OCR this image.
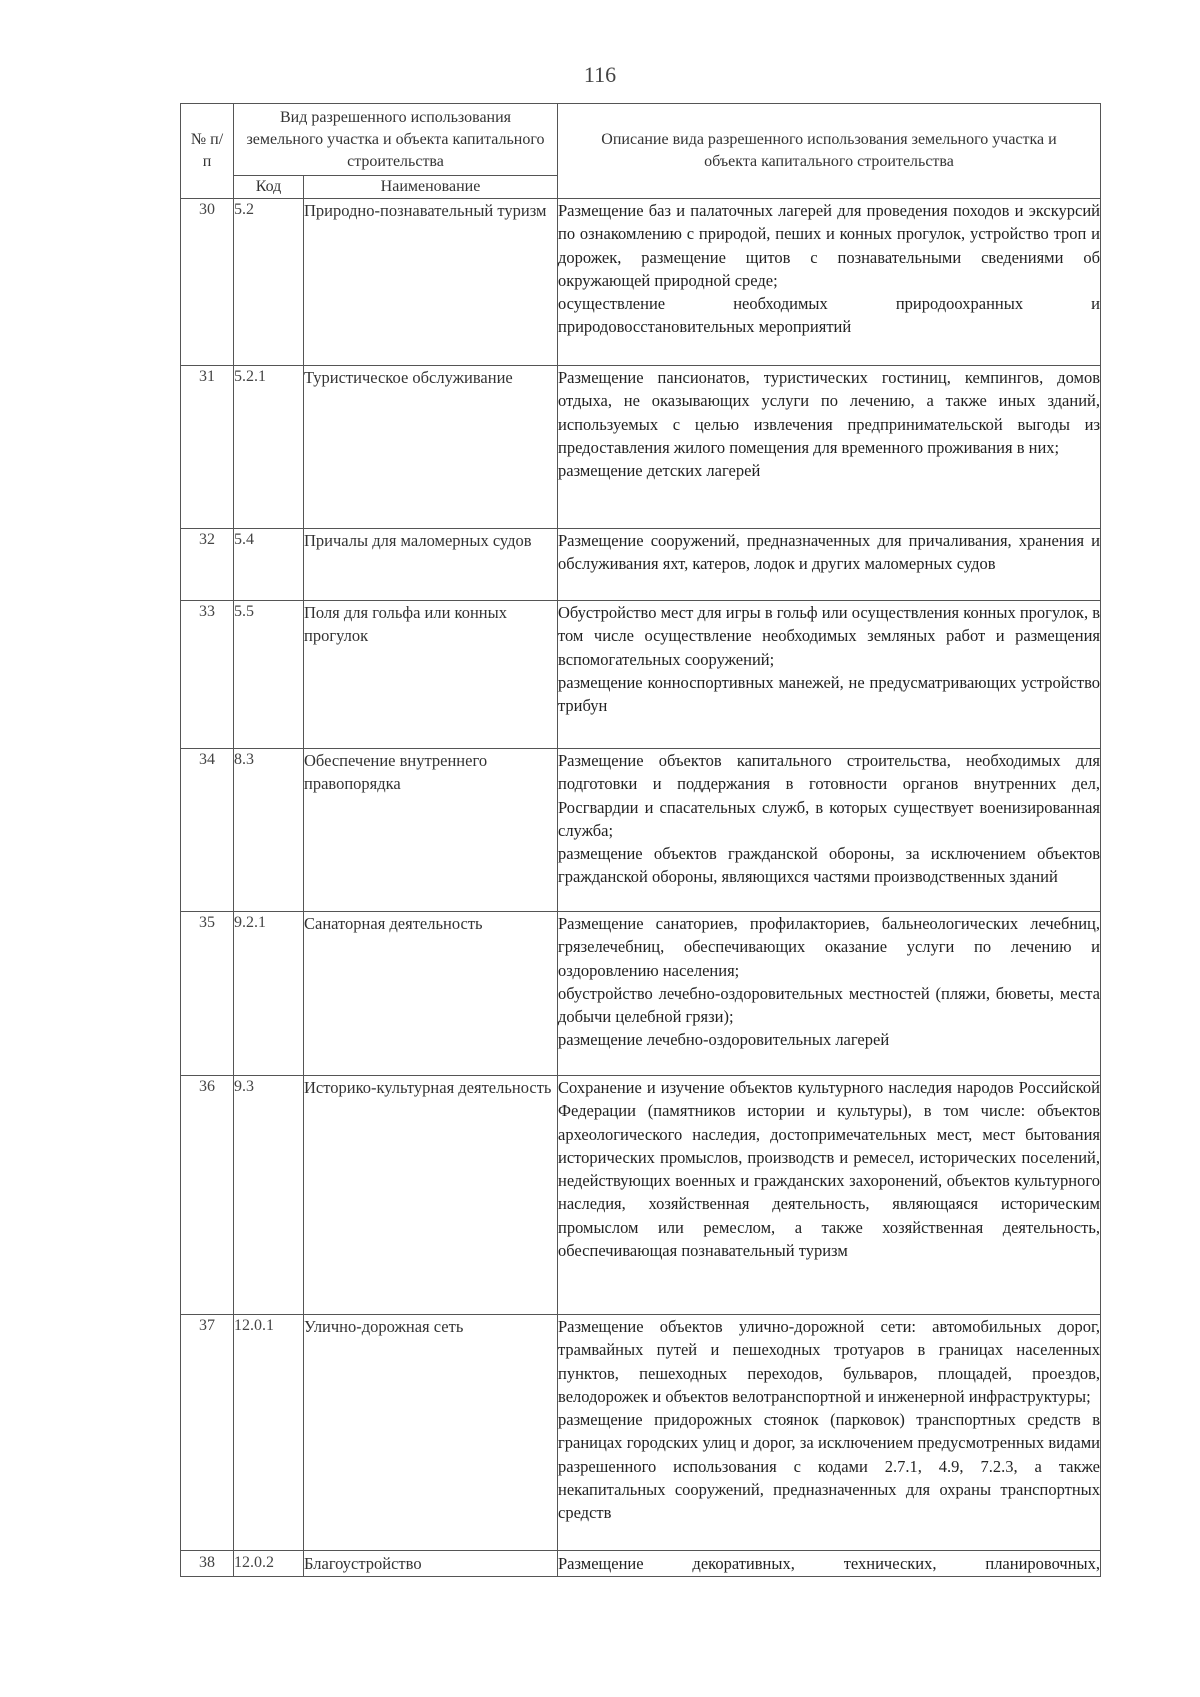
116
№ п/п	Вид разрешенного использования земельного участка и объекта капитального строительства		Описание вида разрешенного использования земельного участка и объекта капитального строительства
	Код	Наименование	
30	5.2	Природно-познавательный туризм	Размещение баз и палаточных лагерей для проведения походов и экскурсий по ознакомлению с природой, пеших и конных прогулок, устройство троп и дорожек, размещение щитов с познавательными сведениями об окружающей природной среде;
осуществление необходимых природоохранных и природовосстановительных мероприятий

31	5.2.1	Туристическое обслуживание	Размещение пансионатов, туристических гостиниц, кемпингов, домов отдыха, не оказывающих услуги по лечению, а также иных зданий, используемых с целью извлечения предпринимательской выгоды из предоставления жилого помещения для временного проживания в них;
размещение детских лагерей

32	5.4	Причалы для маломерных судов	Размещение сооружений, предназначенных для причаливания, хранения и обслуживания яхт, катеров, лодок и других маломерных судов

33	5.5	Поля для гольфа или конных прогулок	Обустройство мест для игры в гольф или осуществления конных прогулок, в том числе осуществление необходимых земляных работ и размещения вспомогательных сооружений;
размещение конноспортивных манежей, не предусматривающих устройство трибун

34	8.3	Обеспечение внутреннего правопорядка	Размещение объектов капитального строительства, необходимых для подготовки и поддержания в готовности органов внутренних дел, Росгвардии и спасательных служб, в которых существует военизированная служба;
размещение объектов гражданской обороны, за исключением объектов гражданской обороны, являющихся частями производственных зданий

35	9.2.1	Санаторная деятельность	Размещение санаториев, профилакториев, бальнеологических лечебниц, грязелечебниц, обеспечивающих оказание услуги по лечению и оздоровлению населения;
обустройство лечебно-оздоровительных местностей (пляжи, бюветы, места добычи целебной грязи);
размещение лечебно-оздоровительных лагерей

36	9.3	Историко-культурная деятельность	Сохранение и изучение объектов культурного наследия народов Российской Федерации (памятников истории и культуры), в том числе: объектов археологического наследия, достопримечательных мест, мест бытования исторических промыслов, производств и ремесел, исторических поселений, недействующих военных и гражданских захоронений, объектов культурного наследия, хозяйственная деятельность, являющаяся историческим промыслом или ремеслом, а также хозяйственная деятельность, обеспечивающая познавательный туризм

37	12.0.1	Улично-дорожная сеть	Размещение объектов улично-дорожной сети: автомобильных дорог, трамвайных путей и пешеходных тротуаров в границах населенных пунктов, пешеходных переходов, бульваров, площадей, проездов, велодорожек и объектов велотранспортной и инженерной инфраструктуры;
размещение придорожных стоянок (парковок) транспортных средств в границах городских улиц и дорог, за исключением предусмотренных видами разрешенного использования с кодами 2.7.1, 4.9, 7.2.3, а также некапитальных сооружений, предназначенных для охраны транспортных средств

38	12.0.2	Благоустройство	Размещение декоративных, технических, планировочных,
